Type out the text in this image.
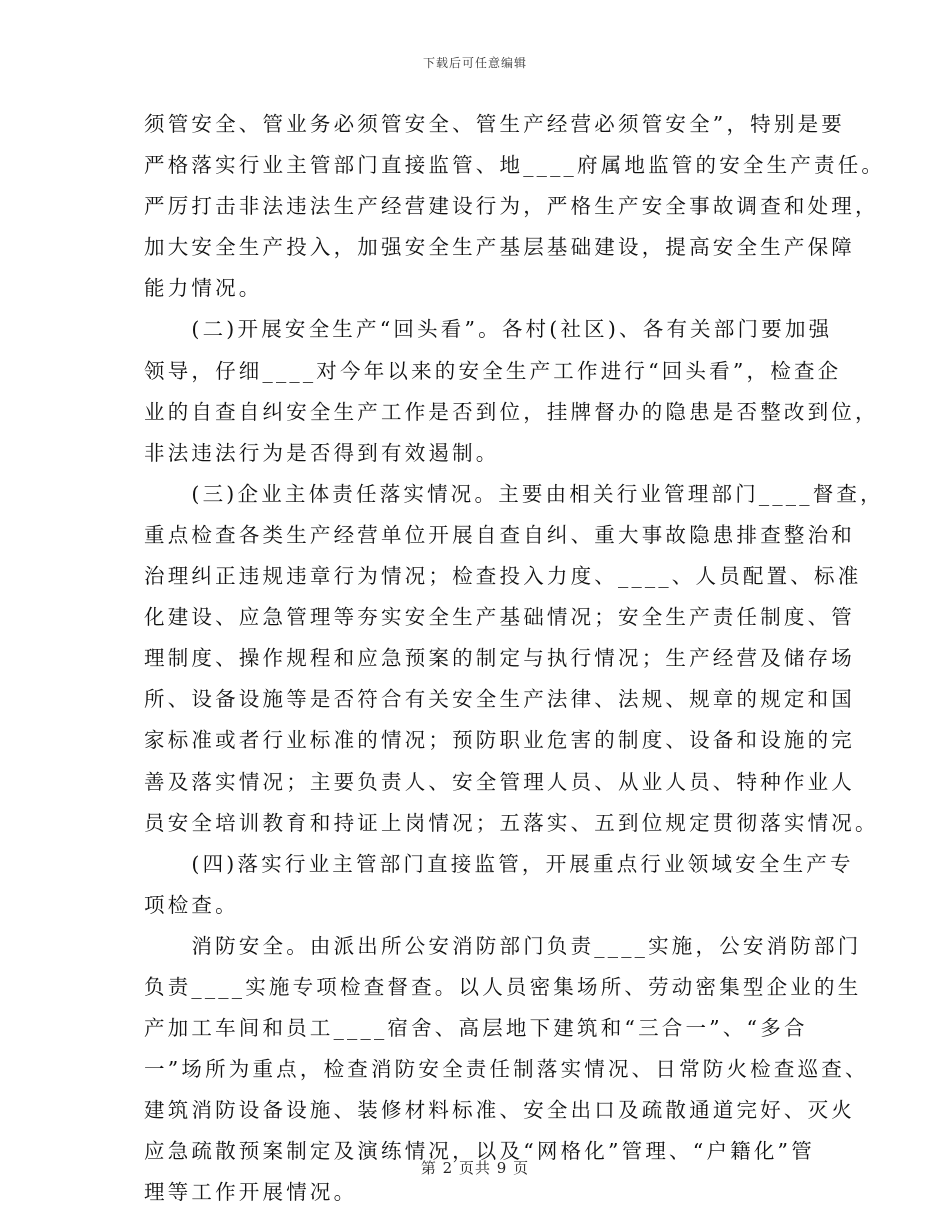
下载后可任意编辑
须管安全、管业务必须管安全、管生产经营必须管安全”，特别是要
严格落实行业主管部门直接监管、地____府属地监管的安全生产责任。
严厉打击非法违法生产经营建设行为，严格生产安全事故调查和处理，
加大安全生产投入，加强安全生产基层基础建设，提高安全生产保障
能力情况。
　　(二)开展安全生产“回头看”。各村(社区)、各有关部门要加强
领导，仔细____对今年以来的安全生产工作进行“回头看”，检查企
业的自查自纠安全生产工作是否到位，挂牌督办的隐患是否整改到位，
非法违法行为是否得到有效遏制。
　　(三)企业主体责任落实情况。主要由相关行业管理部门____督查，
重点检查各类生产经营单位开展自查自纠、重大事故隐患排查整治和
治理纠正违规违章行为情况；检查投入力度、____、人员配置、标准
化建设、应急管理等夯实安全生产基础情况；安全生产责任制度、管
理制度、操作规程和应急预案的制定与执行情况；生产经营及储存场
所、设备设施等是否符合有关安全生产法律、法规、规章的规定和国
家标准或者行业标准的情况；预防职业危害的制度、设备和设施的完
善及落实情况；主要负责人、安全管理人员、从业人员、特种作业人
员安全培训教育和持证上岗情况；五落实、五到位规定贯彻落实情况。
　　(四)落实行业主管部门直接监管，开展重点行业领域安全生产专
项检查。
　　消防安全。由派出所公安消防部门负责____实施，公安消防部门
负责____实施专项检查督查。以人员密集场所、劳动密集型企业的生
产加工车间和员工____宿舍、高层地下建筑和“三合一”、“多合
一”场所为重点，检查消防安全责任制落实情况、日常防火检查巡查、
建筑消防设备设施、装修材料标准、安全出口及疏散通道完好、灭火
应急疏散预案制定及演练情况，以及“网格化”管理、“户籍化”管
理等工作开展情况。
第 2 页共 9 页
